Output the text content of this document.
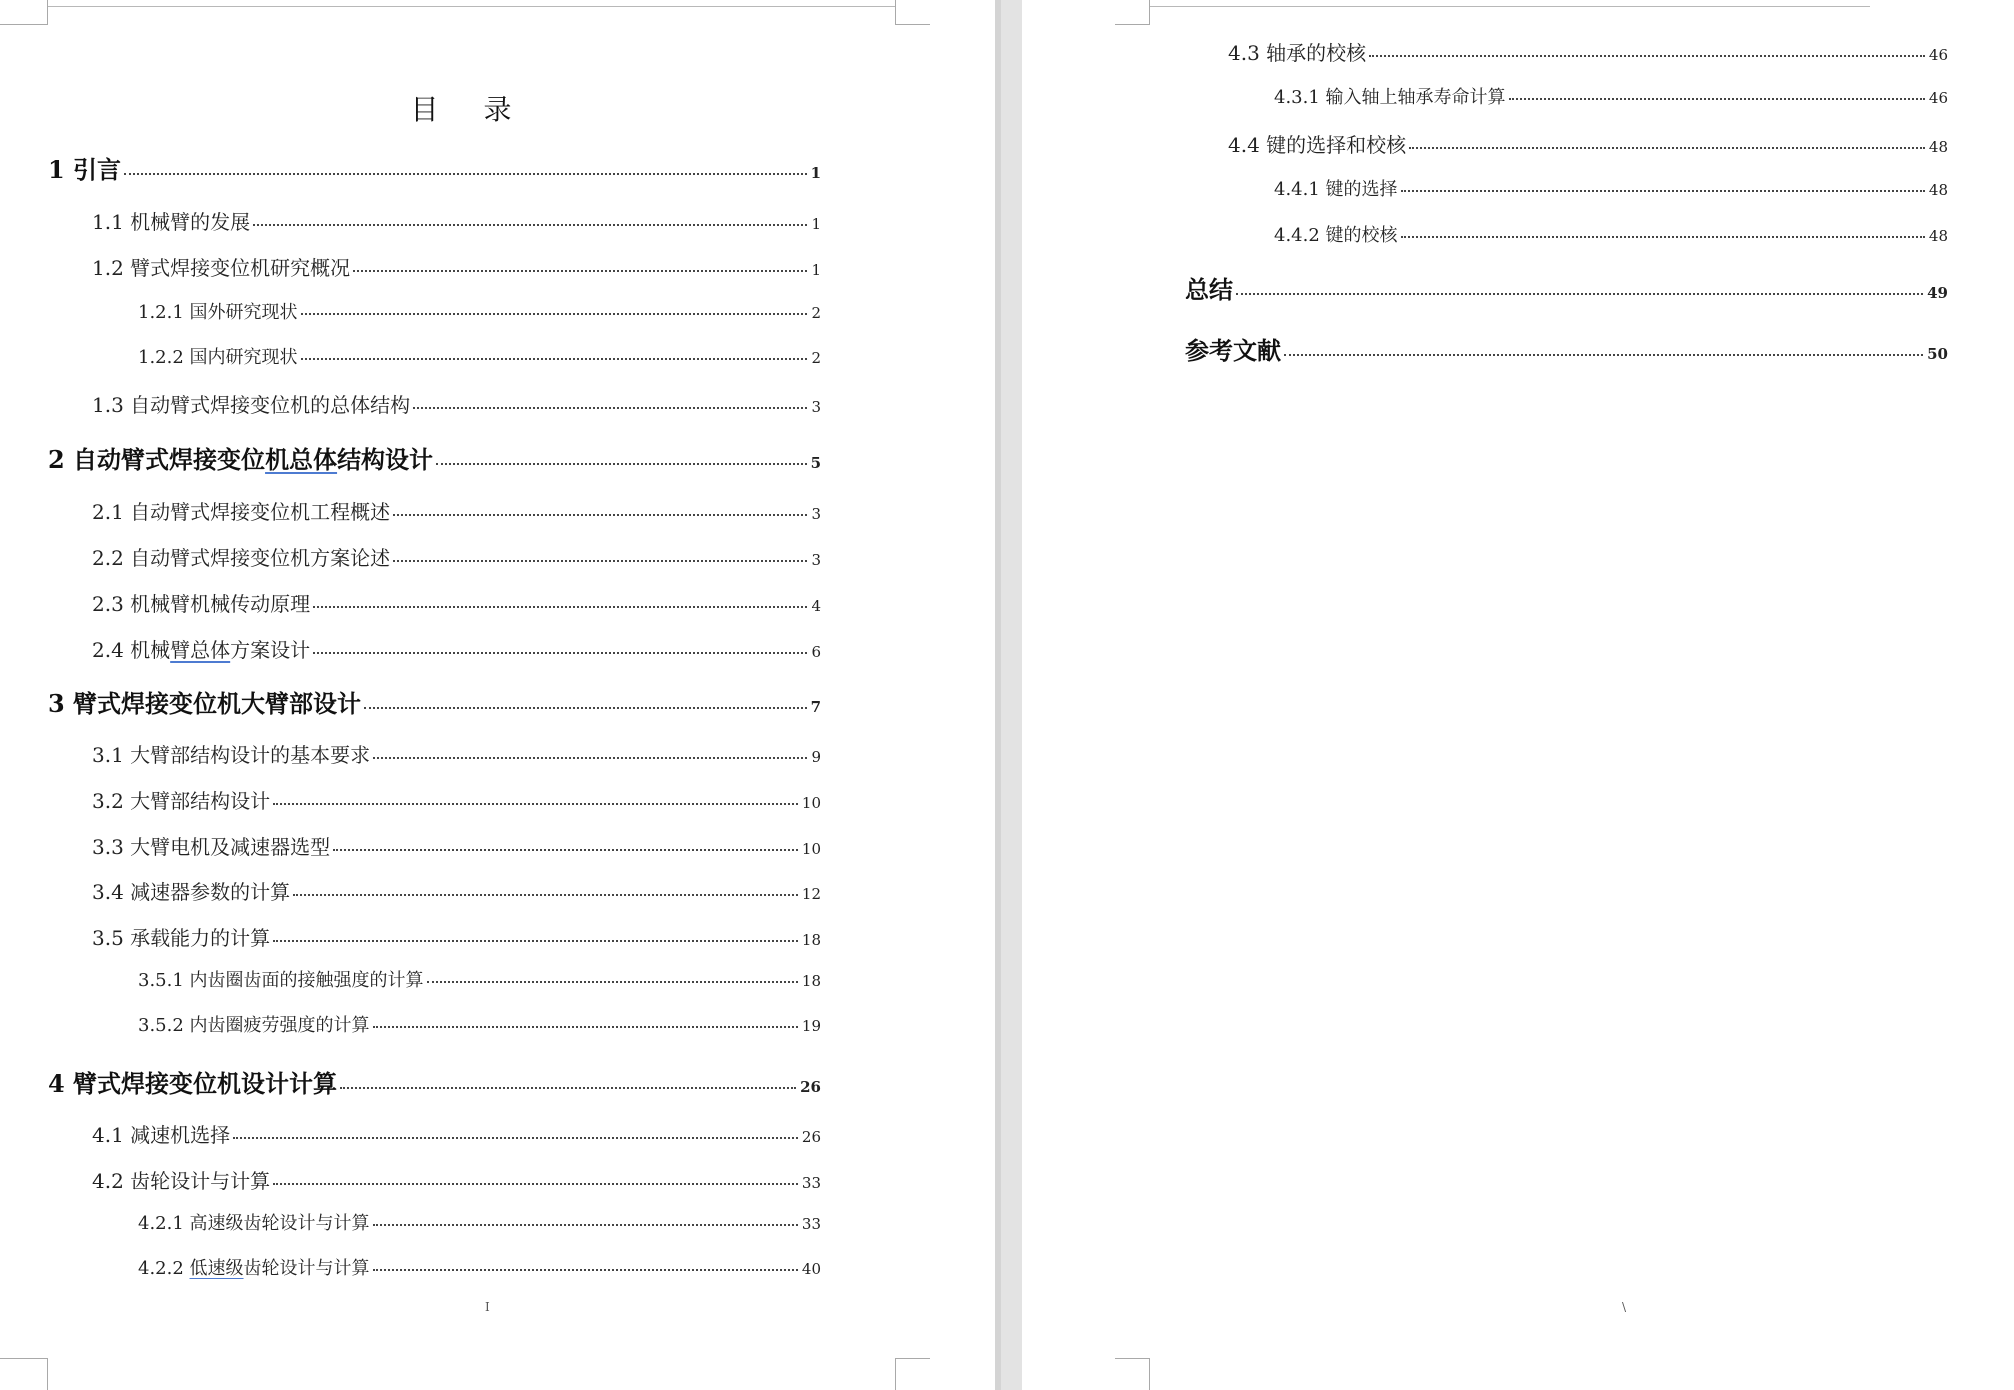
目 录
1 引言	1
1.1 机械臂的发展	1
1.2 臂式焊接变位机研究概况	1
1.2.1 国外研究现状	2
1.2.2 国内研究现状	2
1.3 自动臂式焊接变位机的总体结构	3
2 自动臂式焊接变位机总体结构设计	5
2.1 自动臂式焊接变位机工程概述	3
2.2 自动臂式焊接变位机方案论述	3
2.3 机械臂机械传动原理	4
2.4 机械臂总体方案设计	6
3 臂式焊接变位机大臂部设计	7
3.1 大臂部结构设计的基本要求	9
3.2 大臂部结构设计	10
3.3 大臂电机及减速器选型	10
3.4 减速器参数的计算	12
3.5 承载能力的计算	18
3.5.1 内齿圈齿面的接触强度的计算	18
3.5.2 内齿圈疲劳强度的计算	19
4 臂式焊接变位机设计计算	26
4.1 减速机选择	26
4.2 齿轮设计与计算	33
4.2.1 高速级齿轮设计与计算	33
4.2.2 低速级齿轮设计与计算	40
I
4.3 轴承的校核	46
4.3.1 输入轴上轴承寿命计算	46
4.4 键的选择和校核	48
4.4.1 键的选择	48
4.4.2 键的校核	48
总结	49
参考文献	50
\
